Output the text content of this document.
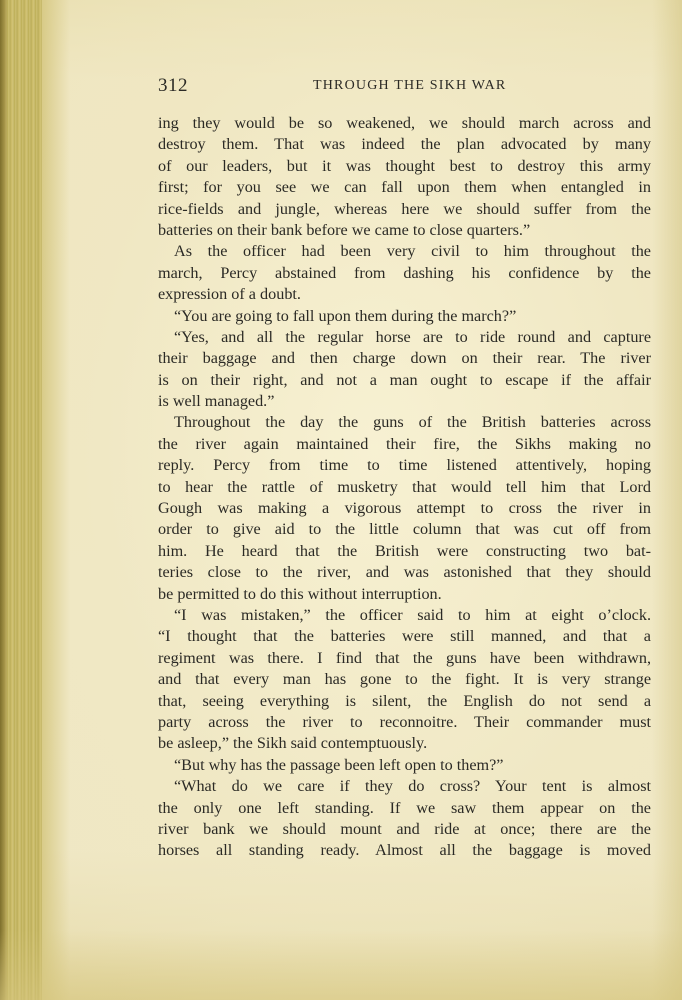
312	THROUGH THE SIKH WAR
ing they would be so weakened, we should march across and
destroy them. That was indeed the plan advocated by many
of our leaders, but it was thought best to destroy this army
first; for you see we can fall upon them when entangled in
rice-fields and jungle, whereas here we should suffer from the
batteries on their bank before we came to close quarters.”
As the officer had been very civil to him throughout the
march, Percy abstained from dashing his confidence by the
expression of a doubt.
“You are going to fall upon them during the march?”
“Yes, and all the regular horse are to ride round and capture
their baggage and then charge down on their rear. The river
is on their right, and not a man ought to escape if the affair
is well managed.”
Throughout the day the guns of the British batteries across
the river again maintained their fire, the Sikhs making no
reply. Percy from time to time listened attentively, hoping
to hear the rattle of musketry that would tell him that Lord
Gough was making a vigorous attempt to cross the river in
order to give aid to the little column that was cut off from
him. He heard that the British were constructing two bat-
teries close to the river, and was astonished that they should
be permitted to do this without interruption.
“I was mistaken,” the officer said to him at eight o’clock.
“I thought that the batteries were still manned, and that a
regiment was there. I find that the guns have been withdrawn,
and that every man has gone to the fight. It is very strange
that, seeing everything is silent, the English do not send a
party across the river to reconnoitre. Their commander must
be asleep,” the Sikh said contemptuously.
“But why has the passage been left open to them?”
“What do we care if they do cross? Your tent is almost
the only one left standing. If we saw them appear on the
river bank we should mount and ride at once; there are the
horses all standing ready. Almost all the baggage is moved
